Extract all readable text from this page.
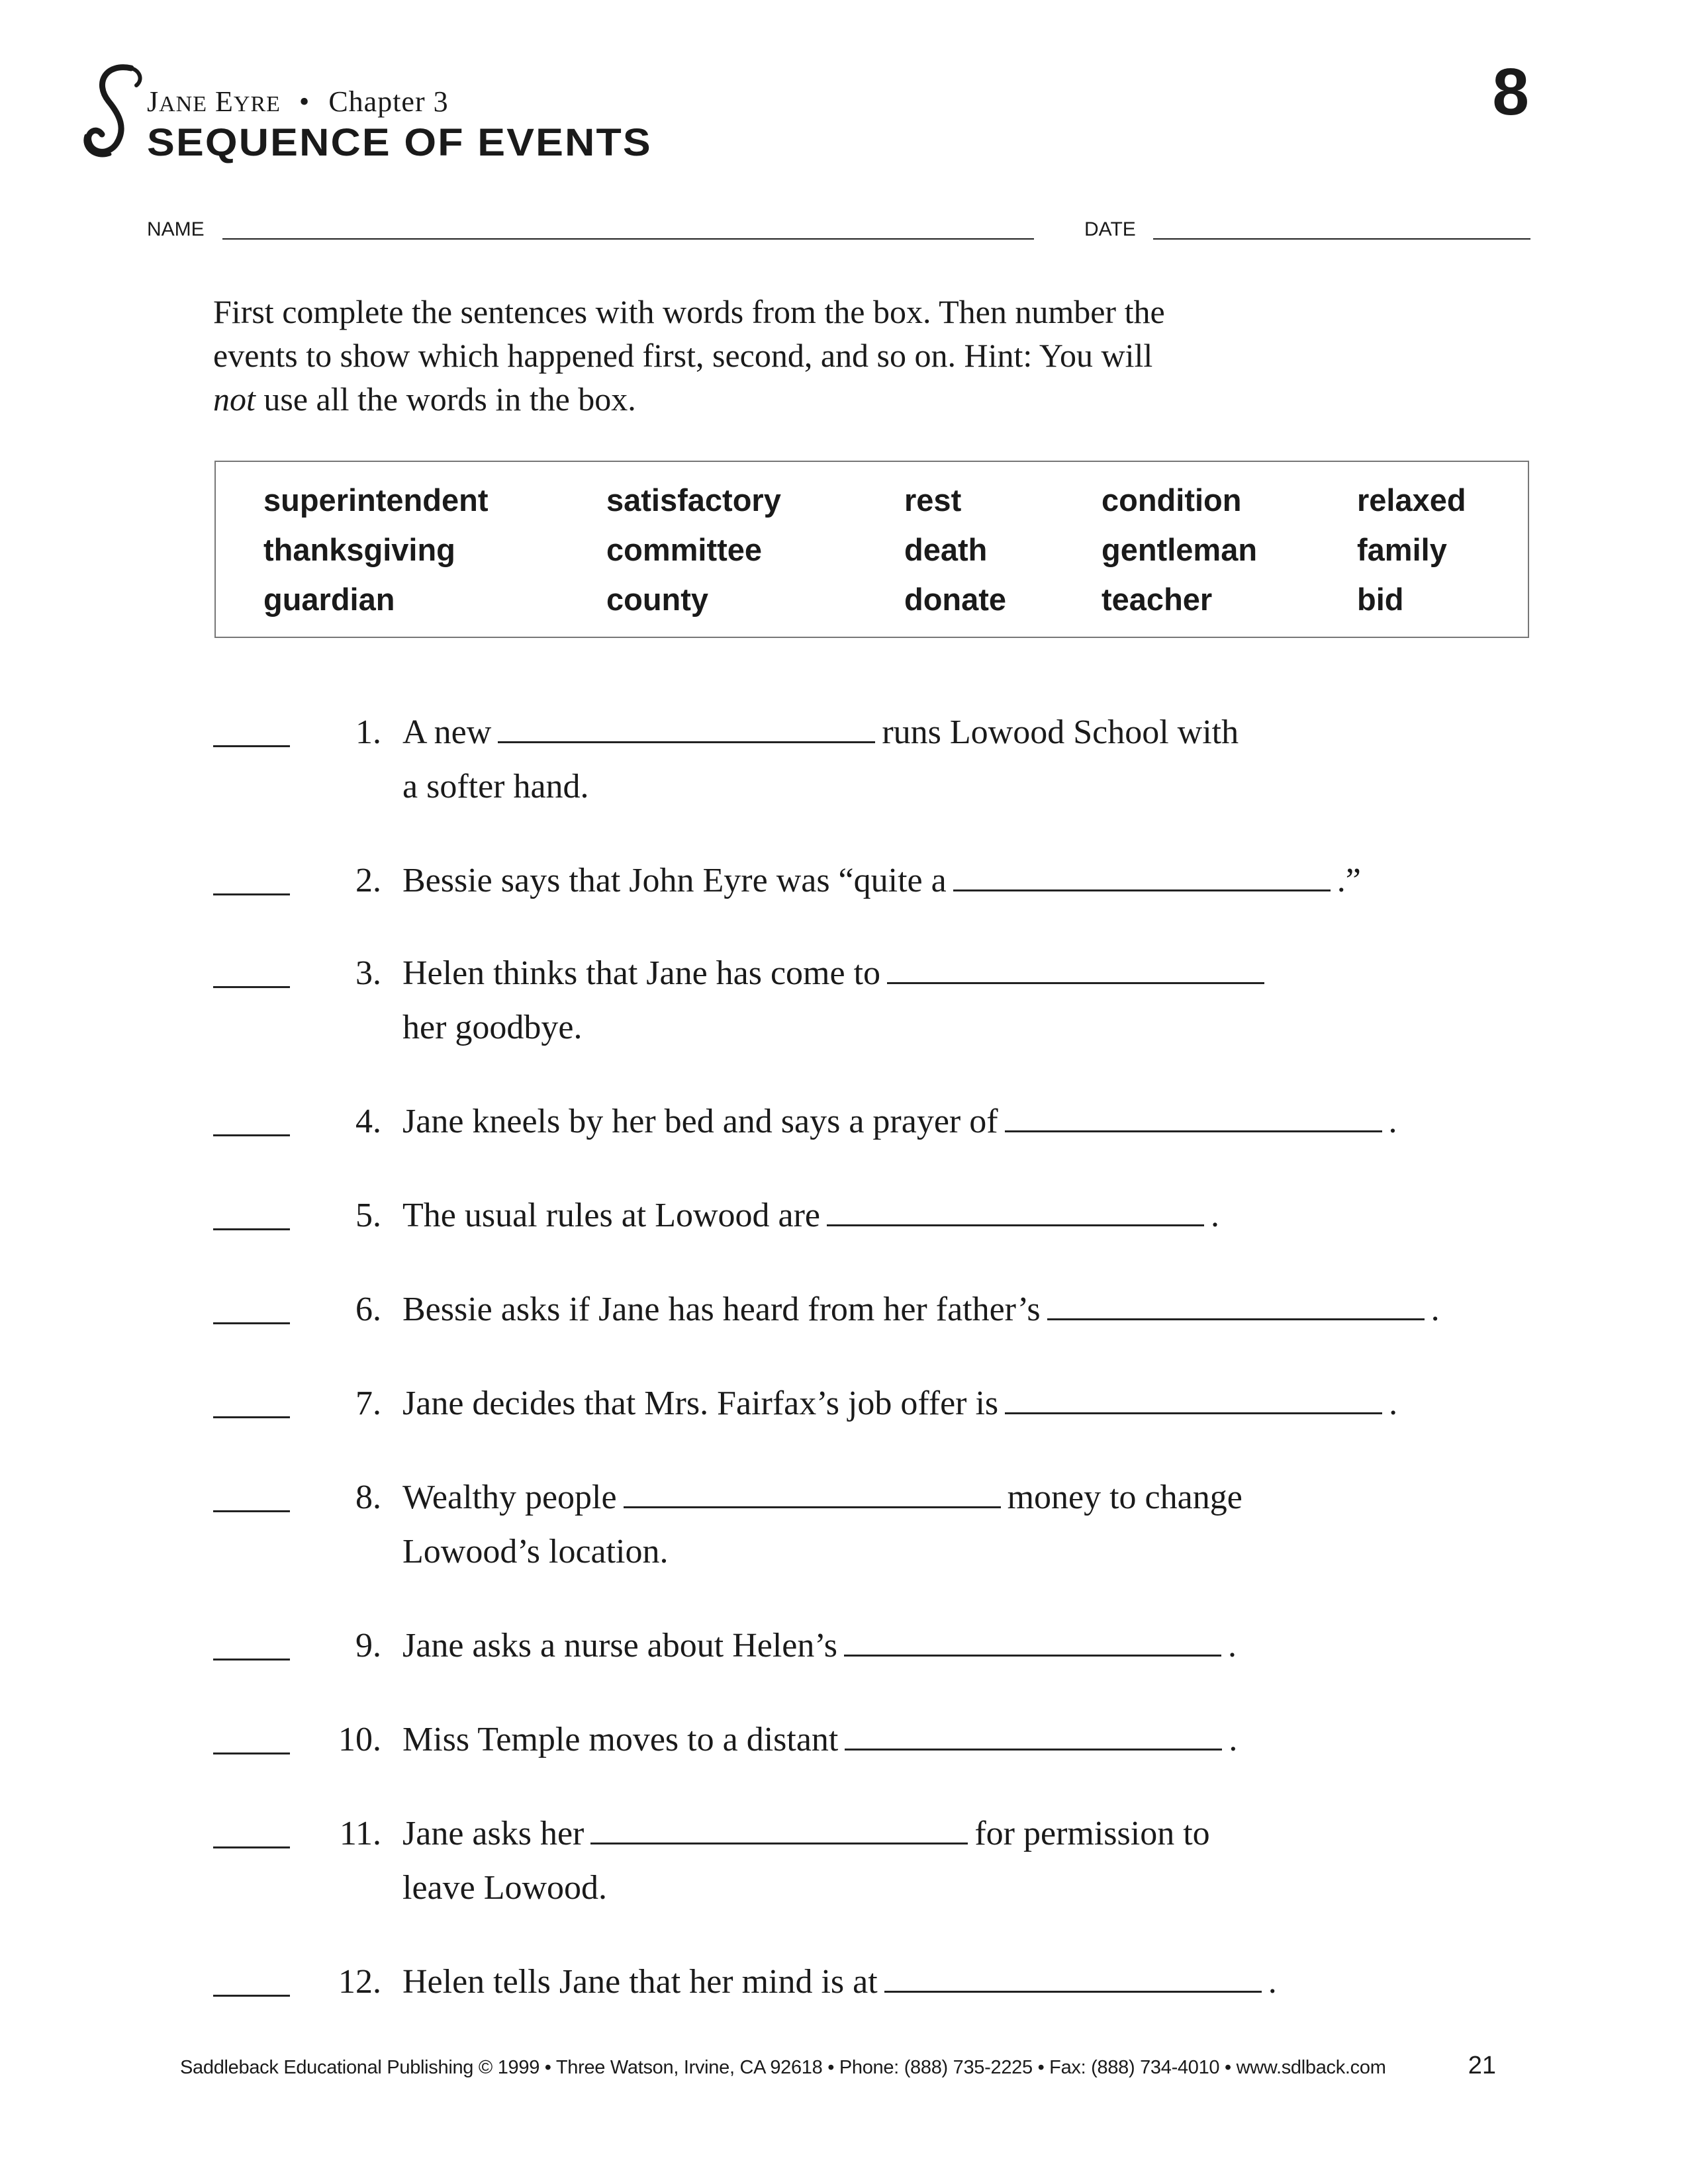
JANE EYRE • Chapter 3
SEQUENCE OF EVENTS
8
NAME	DATE
First complete the sentences with words from the box. Then number the
events to show which happened first, second, and so on. Hint: You will
not use all the words in the box.
superintendent	satisfactory	rest	condition	relaxed
thanksgiving	committee	death	gentleman	family
guardian	county	donate	teacher	bid
1. A new	runs Lowood School with
a softer hand.
2. Bessie says that John Eyre was “quite a	.”
3. Helen thinks that Jane has come to
her goodbye.
4. Jane kneels by her bed and says a prayer of	.
5. The usual rules at Lowood are	.
6. Bessie asks if Jane has heard from her father’s	.
7. Jane decides that Mrs. Fairfax’s job offer is	.
8. Wealthy people	money to change
Lowood’s location.
9. Jane asks a nurse about Helen’s	.
10. Miss Temple moves to a distant	.
11. Jane asks her	for permission to
leave Lowood.
12. Helen tells Jane that her mind is at	.
Saddleback Educational Publishing © 1999 • Three Watson, Irvine, CA 92618 • Phone: (888) 735-2225 • Fax: (888) 734-4010 • www.sdlback.com	21
